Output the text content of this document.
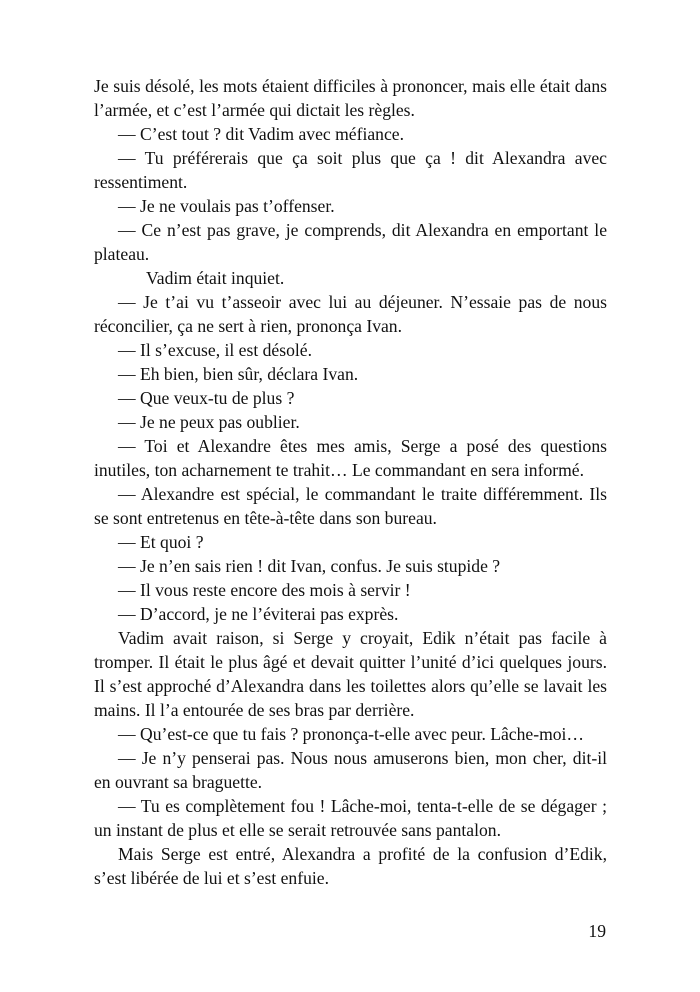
Je suis désolé, les mots étaient difficiles à prononcer, mais elle était dans l’armée, et c’est l’armée qui dictait les règles.

— C’est tout ? dit Vadim avec méfiance.

— Tu préférerais que ça soit plus que ça ! dit Alexandra avec ressentiment.

— Je ne voulais pas t’offenser.

— Ce n’est pas grave, je comprends, dit Alexandra en emportant le plateau.

Vadim était inquiet.

— Je t’ai vu t’asseoir avec lui au déjeuner. N’essaie pas de nous réconcilier, ça ne sert à rien, prononça Ivan.

— Il s’excuse, il est désolé.

— Eh bien, bien sûr, déclara Ivan.

— Que veux-tu de plus ?

— Je ne peux pas oublier.

— Toi et Alexandre êtes mes amis, Serge a posé des questions inutiles, ton acharnement te trahit… Le commandant en sera informé.

— Alexandre est spécial, le commandant le traite différemment. Ils se sont entretenus en tête-à-tête dans son bureau.

— Et quoi ?

— Je n’en sais rien ! dit Ivan, confus. Je suis stupide ?

— Il vous reste encore des mois à servir !

— D’accord, je ne l’éviterai pas exprès.

Vadim avait raison, si Serge y croyait, Edik n’était pas facile à tromper. Il était le plus âgé et devait quitter l’unité d’ici quelques jours. Il s’est approché d’Alexandra dans les toilettes alors qu’elle se lavait les mains. Il l’a entourée de ses bras par derrière.

— Qu’est-ce que tu fais ? prononça-t-elle avec peur. Lâche-moi…

— Je n’y penserai pas. Nous nous amuserons bien, mon cher, dit-il en ouvrant sa braguette.

— Tu es complètement fou ! Lâche-moi, tenta-t-elle de se dégager ; un instant de plus et elle se serait retrouvée sans pantalon.

Mais Serge est entré, Alexandra a profité de la confusion d’Edik, s’est libérée de lui et s’est enfuie.

19
